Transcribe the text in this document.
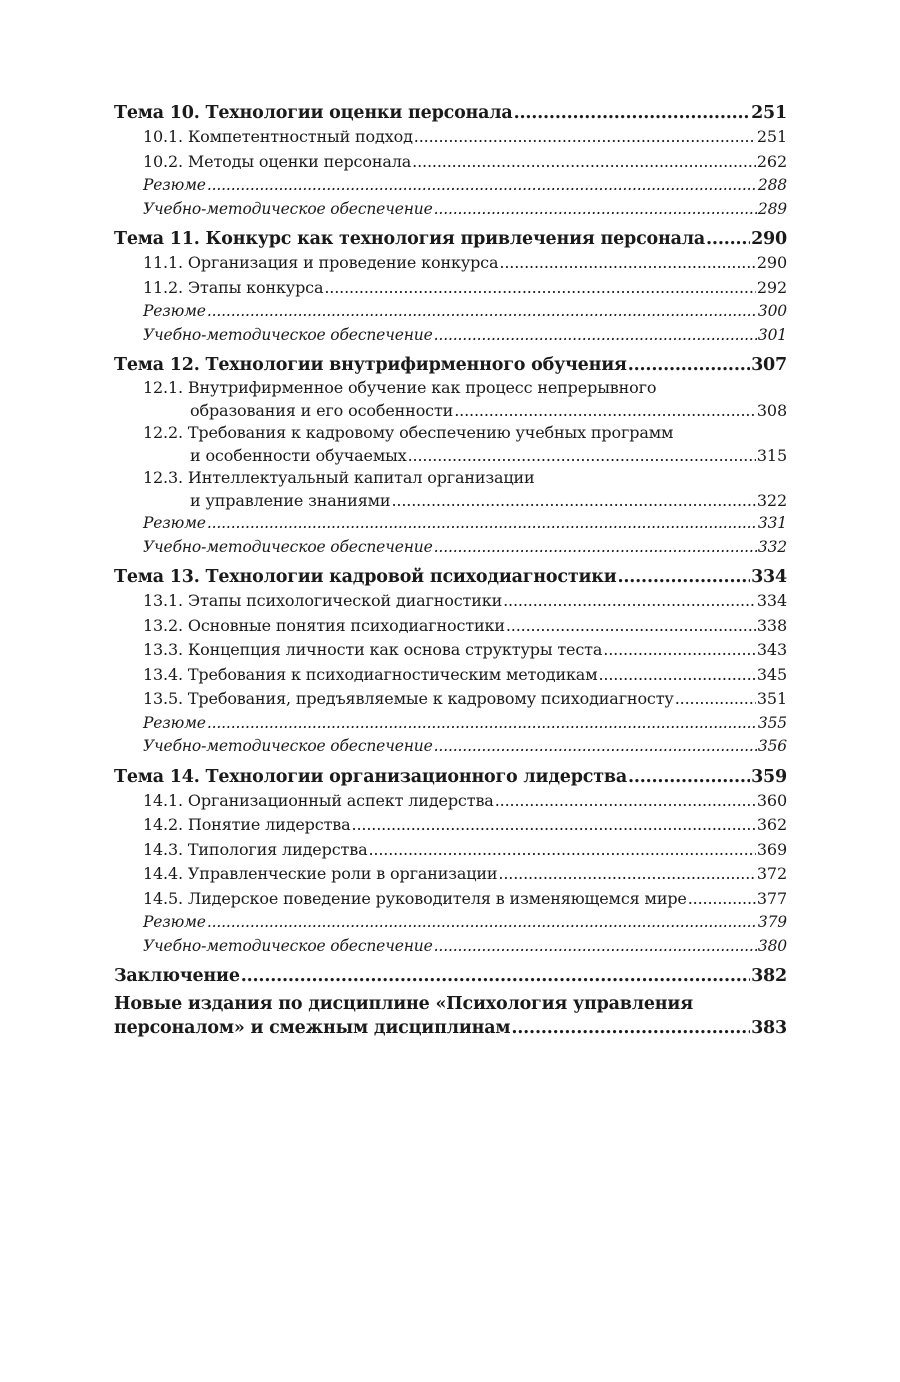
Тема 10. Технологии оценки персонала .....	251
10.1. Компетентностный подход .....	251
10.2. Методы оценки персонала .....	262
Резюме .....	288
Учебно-методическое обеспечение .....	289
Тема 11. Конкурс как технология привлечения персонала .....	290
11.1. Организация и проведение конкурса .....	290
11.2. Этапы конкурса .....	292
Резюме .....	300
Учебно-методическое обеспечение .....	301
Тема 12. Технологии внутрифирменного обучения .....	307
12.1. Внутрифирменное обучение как процесс непрерывного
образования и его особенности .....	308
12.2. Требования к кадровому обеспечению учебных программ
и особенности обучаемых .....	315
12.3. Интеллектуальный капитал организации
и управление знаниями .....	322
Резюме .....	331
Учебно-методическое обеспечение .....	332
Тема 13. Технологии кадровой психодиагностики .....	334
13.1. Этапы психологической диагностики .....	334
13.2. Основные понятия психодиагностики .....	338
13.3. Концепция личности как основа структуры теста .....	343
13.4. Требования к психодиагностическим методикам .....	345
13.5. Требования, предъявляемые к кадровому психодиагносту .....	351
Резюме .....	355
Учебно-методическое обеспечение .....	356
Тема 14. Технологии организационного лидерства .....	359
14.1. Организационный аспект лидерства .....	360
14.2. Понятие лидерства .....	362
14.3. Типология лидерства .....	369
14.4. Управленческие роли в организации .....	372
14.5. Лидерское поведение руководителя в изменяющемся мире .....	377
Резюме .....	379
Учебно-методическое обеспечение .....	380
Заключение .....	382
Новые издания по дисциплине «Психология управления
персоналом» и смежным дисциплинам .....	383
